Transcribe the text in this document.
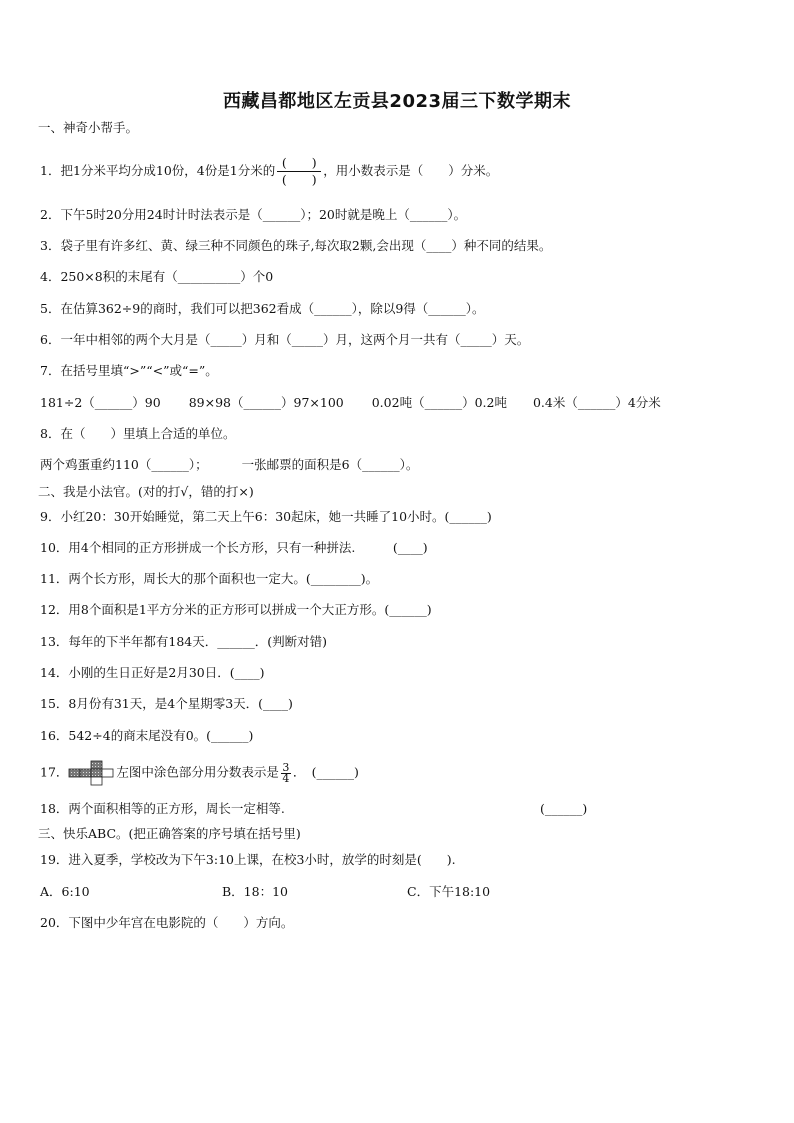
西藏昌都地区左贡县2023届三下数学期末
一、神奇小帮手。
1．把1分米平均分成10份，4份是1分米的 $\frac{( )}{( )}$ ，用小数表示是（　　）分米。
2．下午5时20分用24时计时法表示是（______）；20时就是晚上（______）。
3．袋子里有许多红、黄、绿三种不同颜色的珠子,每次取2颗,会出现（____）种不同的结果。
4．250×8积的末尾有（__________）个0
5．在估算362÷9的商时，我们可以把362看成（______），除以9得（______）。
6．一年中相邻的两个大月是（_____）月和（_____）月，这两个月一共有（_____）天。
7．在括号里填“>”“<”或“=”。
181÷2（______）90 89×98（______）97×100 0.02吨（______）0.2吨 0.4米（______）4分米
8．在（　　）里填上合适的单位。
两个鸡蛋重约110（______）；	一张邮票的面积是6（______）。
二、我是小法官。(对的打√，错的打×)
9．小红20：30开始睡觉，第二天上午6：30起床，她一共睡了10小时。(______)
10．用4个相同的正方形拼成一个长方形，只有一种拼法.　　　(____)
11．两个长方形，周长大的那个面积也一定大。(________)。
12．用8个面积是1平方分米的正方形可以拼成一个大正方形。(______)
13．每年的下半年都有184天．______．(判断对错)
14．小刚的生日正好是2月30日．(____)
15．8月份有31天，是4个星期零3天．(____)
16．542÷4的商末尾没有0。(______)
17．	左图中涂色部分用分数表示是 $\frac{3}{4}$ ．　(______)
18．两个面积相等的正方形，周长一定相等.	(______)
三、快乐ABC。(把正确答案的序号填在括号里)
19．进入夏季，学校改为下午3:10上课，在校3小时，放学的时刻是(　　).
A．6:10	B．18：10	C．下午18:10
20．下图中少年宫在电影院的（　　）方向。
